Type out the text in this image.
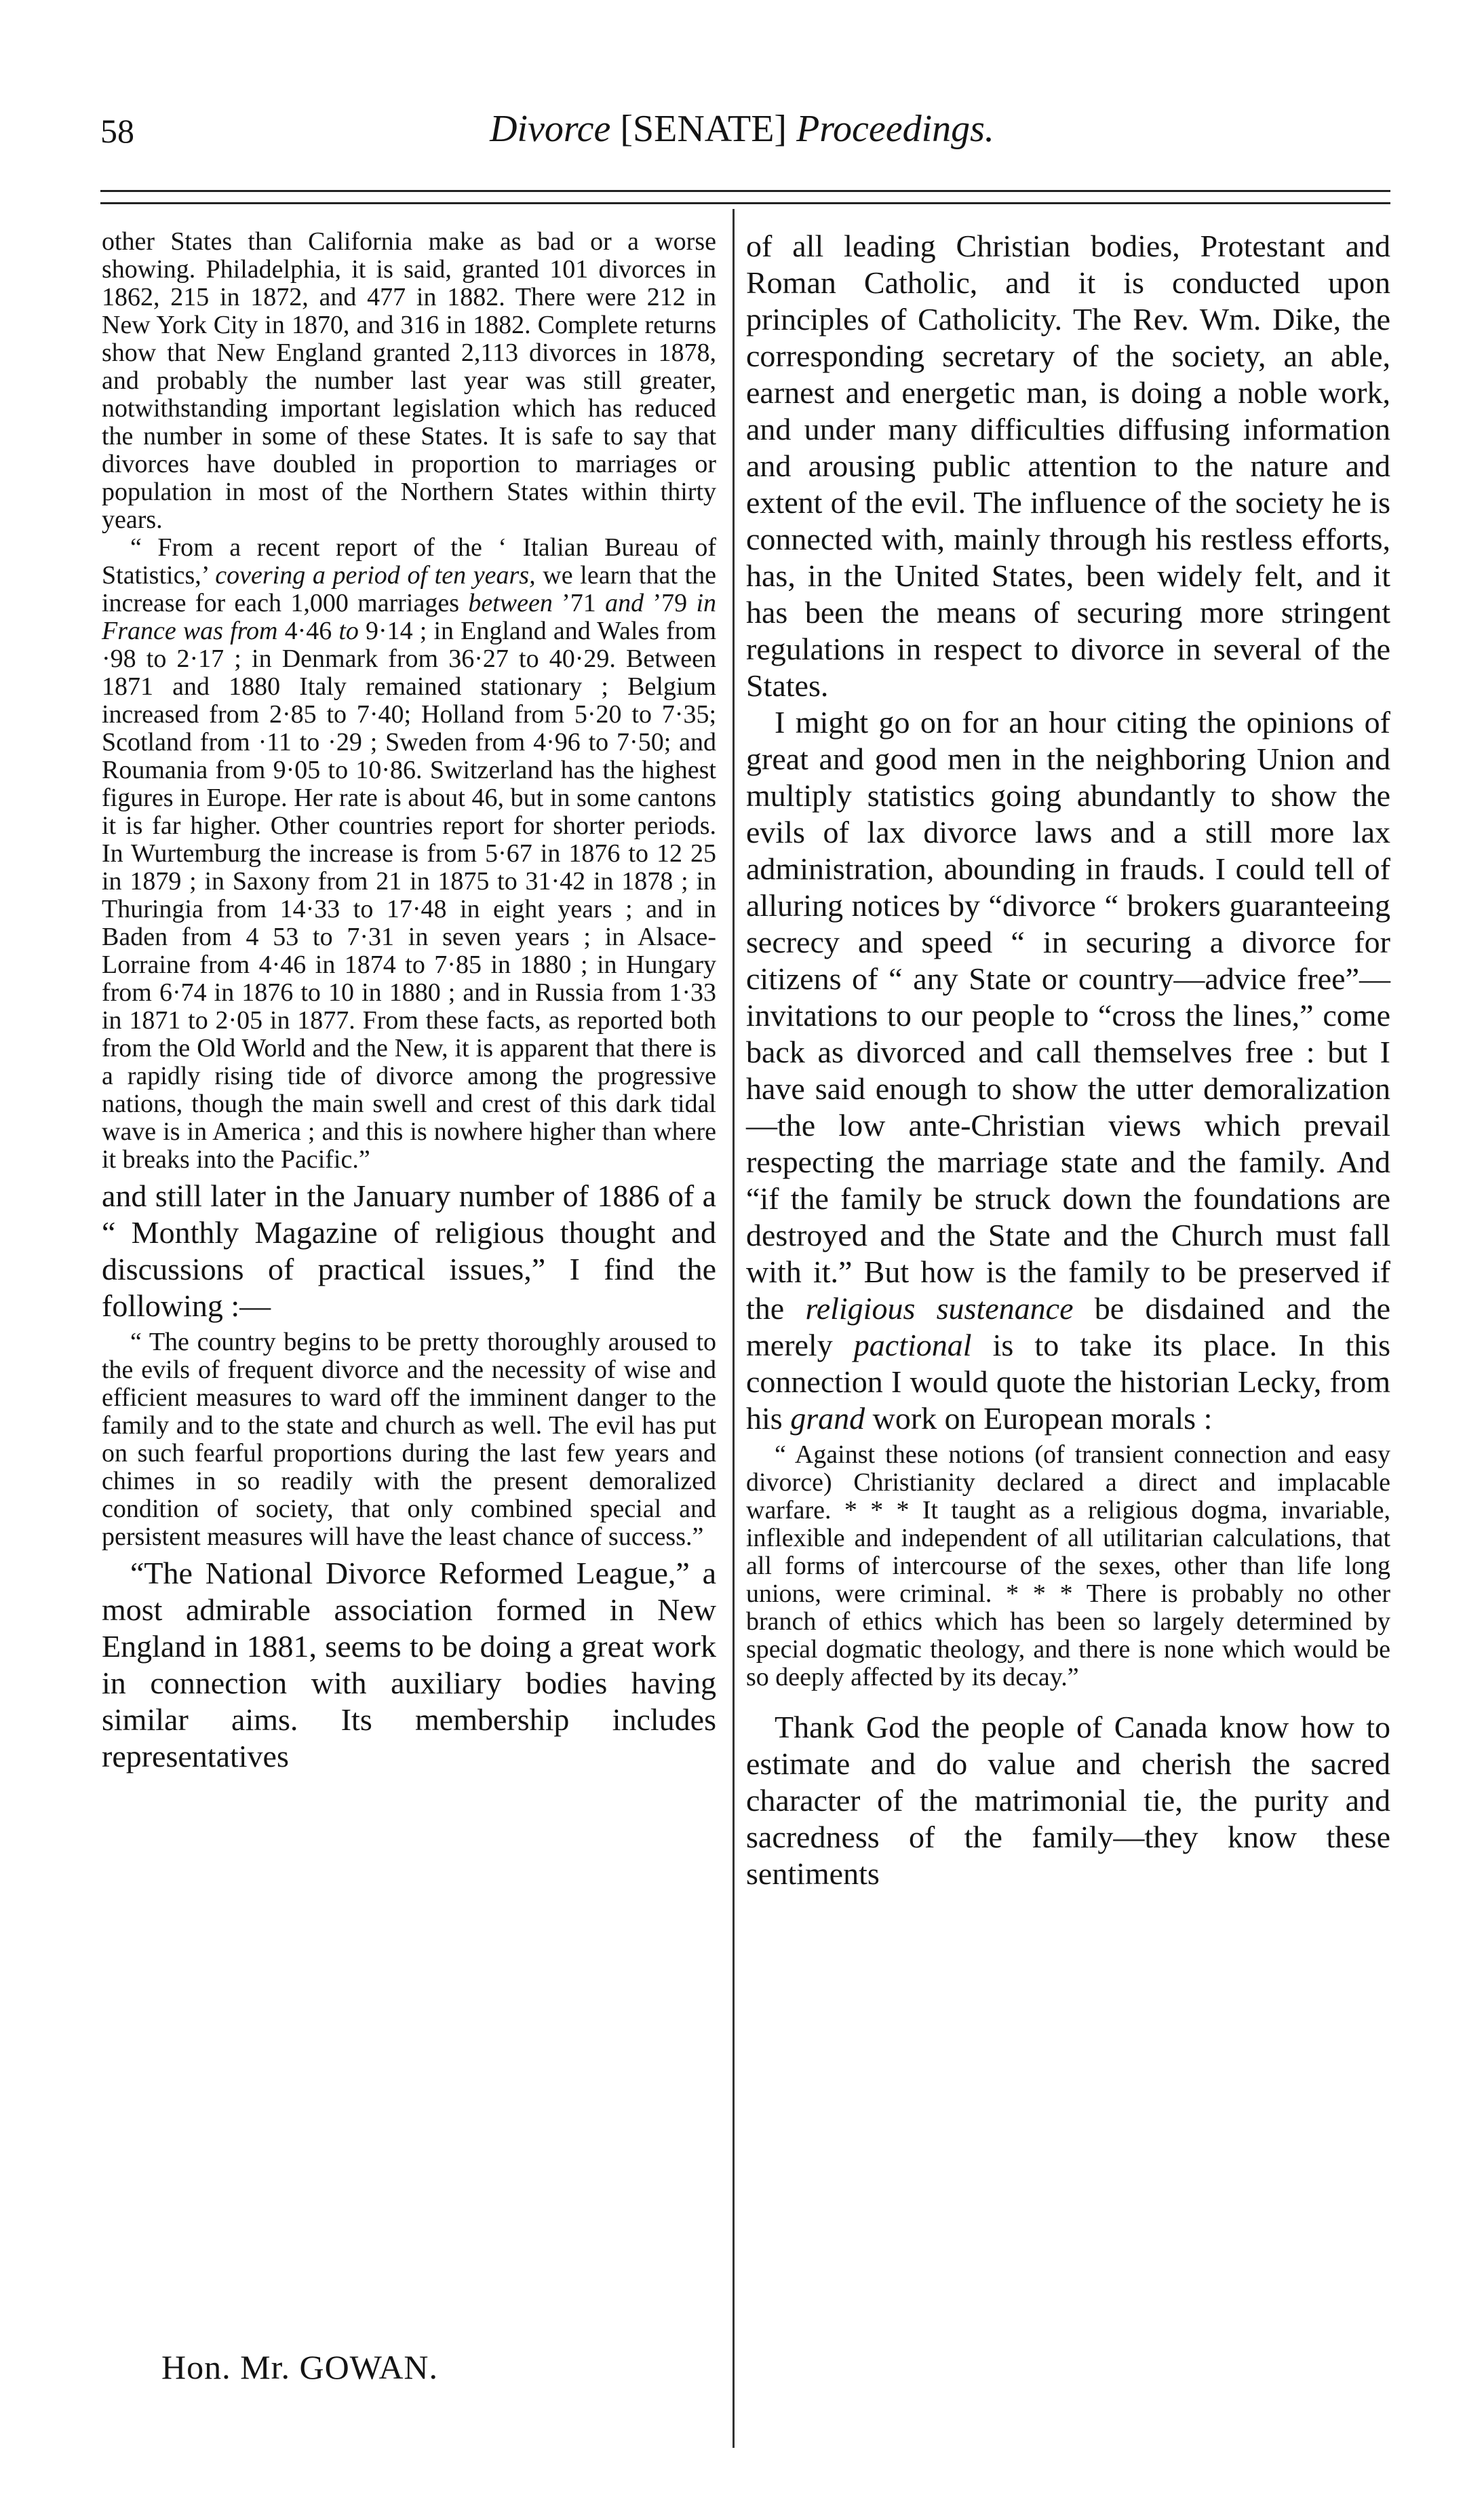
58	Divorce [SENATE] Proceedings.

other States than California make as bad or a worse showing. Philadelphia, it is said, granted 101 divorces in 1862, 215 in 1872, and 477 in 1882. There were 212 in New York City in 1870, and 316 in 1882. Complete returns show that New England granted 2,113 divorces in 1878, and probably the number last year was still greater, notwithstanding important legislation which has reduced the number in some of these States. It is safe to say that divorces have doubled in proportion to marriages or population in most of the Northern States within thirty years.

“ From a recent report of the ‘ Italian Bureau of Statistics,’ covering a period of ten years, we learn that the increase for each 1,000 marriages between ’71 and ’79 in France was from 4·46 to 9·14 ; in England and Wales from ·98 to 2·17 ; in Denmark from 36·27 to 40·29. Between 1871 and 1880 Italy remained stationary ; Belgium increased from 2·85 to 7·40; Holland from 5·20 to 7·35; Scotland from ·11 to ·29 ; Sweden from 4·96 to 7·50; and Roumania from 9·05 to 10·86. Switzerland has the highest figures in Europe. Her rate is about 46, but in some cantons it is far higher. Other countries report for shorter periods. In Wurtemburg the increase is from 5·67 in 1876 to 12 25 in 1879 ; in Saxony from 21 in 1875 to 31·42 in 1878 ; in Thuringia from 14·33 to 17·48 in eight years ; and in Baden from 4 53 to 7·31 in seven years ; in Alsace-Lorraine from 4·46 in 1874 to 7·85 in 1880 ; in Hungary from 6·74 in 1876 to 10 in 1880 ; and in Russia from 1·33 in 1871 to 2·05 in 1877. From these facts, as reported both from the Old World and the New, it is apparent that there is a rapidly rising tide of divorce among the progressive nations, though the main swell and crest of this dark tidal wave is in America ; and this is nowhere higher than where it breaks into the Pacific.”

and still later in the January number of 1886 of a “ Monthly Magazine of religious thought and discussions of practical issues,” I find the following :—

“ The country begins to be pretty thoroughly aroused to the evils of frequent divorce and the necessity of wise and efficient measures to ward off the imminent danger to the family and to the state and church as well. The evil has put on such fearful proportions during the last few years and chimes in so readily with the present demoralized condition of society, that only combined special and persistent measures will have the least chance of success.”

“The National Divorce Reformed League,” a most admirable association formed in New England in 1881, seems to be doing a great work in connection with auxiliary bodies having similar aims. Its membership includes representatives

of all leading Christian bodies, Protestant and Roman Catholic, and it is conducted upon principles of Catholicity. The Rev. Wm. Dike, the corresponding secretary of the society, an able, earnest and energetic man, is doing a noble work, and under many difficulties diffusing information and arousing public attention to the nature and extent of the evil. The influence of the society he is connected with, mainly through his restless efforts, has, in the United States, been widely felt, and it has been the means of securing more stringent regulations in respect to divorce in several of the States.

I might go on for an hour citing the opinions of great and good men in the neighboring Union and multiply statistics going abundantly to show the evils of lax divorce laws and a still more lax administration, abounding in frauds. I could tell of alluring notices by “divorce “ brokers guaranteeing secrecy and speed “ in securing a divorce for citizens of “ any State or country—advice free”—invitations to our people to “cross the lines,” come back as divorced and call themselves free : but I have said enough to show the utter demoralization—the low ante-Christian views which prevail respecting the marriage state and the family. And “if the family be struck down the foundations are destroyed and the State and the Church must fall with it.” But how is the family to be preserved if the religious sustenance be disdained and the merely pactional is to take its place. In this connection I would quote the historian Lecky, from his grand work on European morals :

“ Against these notions (of transient connection and easy divorce) Christianity declared a direct and implacable warfare. * * * It taught as a religious dogma, invariable, inflexible and independent of all utilitarian calculations, that all forms of intercourse of the sexes, other than life long unions, were criminal. * * * There is probably no other branch of ethics which has been so largely determined by special dogmatic theology, and there is none which would be so deeply affected by its decay.”

Thank God the people of Canada know how to estimate and do value and cherish the sacred character of the matrimonial tie, the purity and sacredness of the family—they know these sentiments

Hon. Mr. GOWAN.
